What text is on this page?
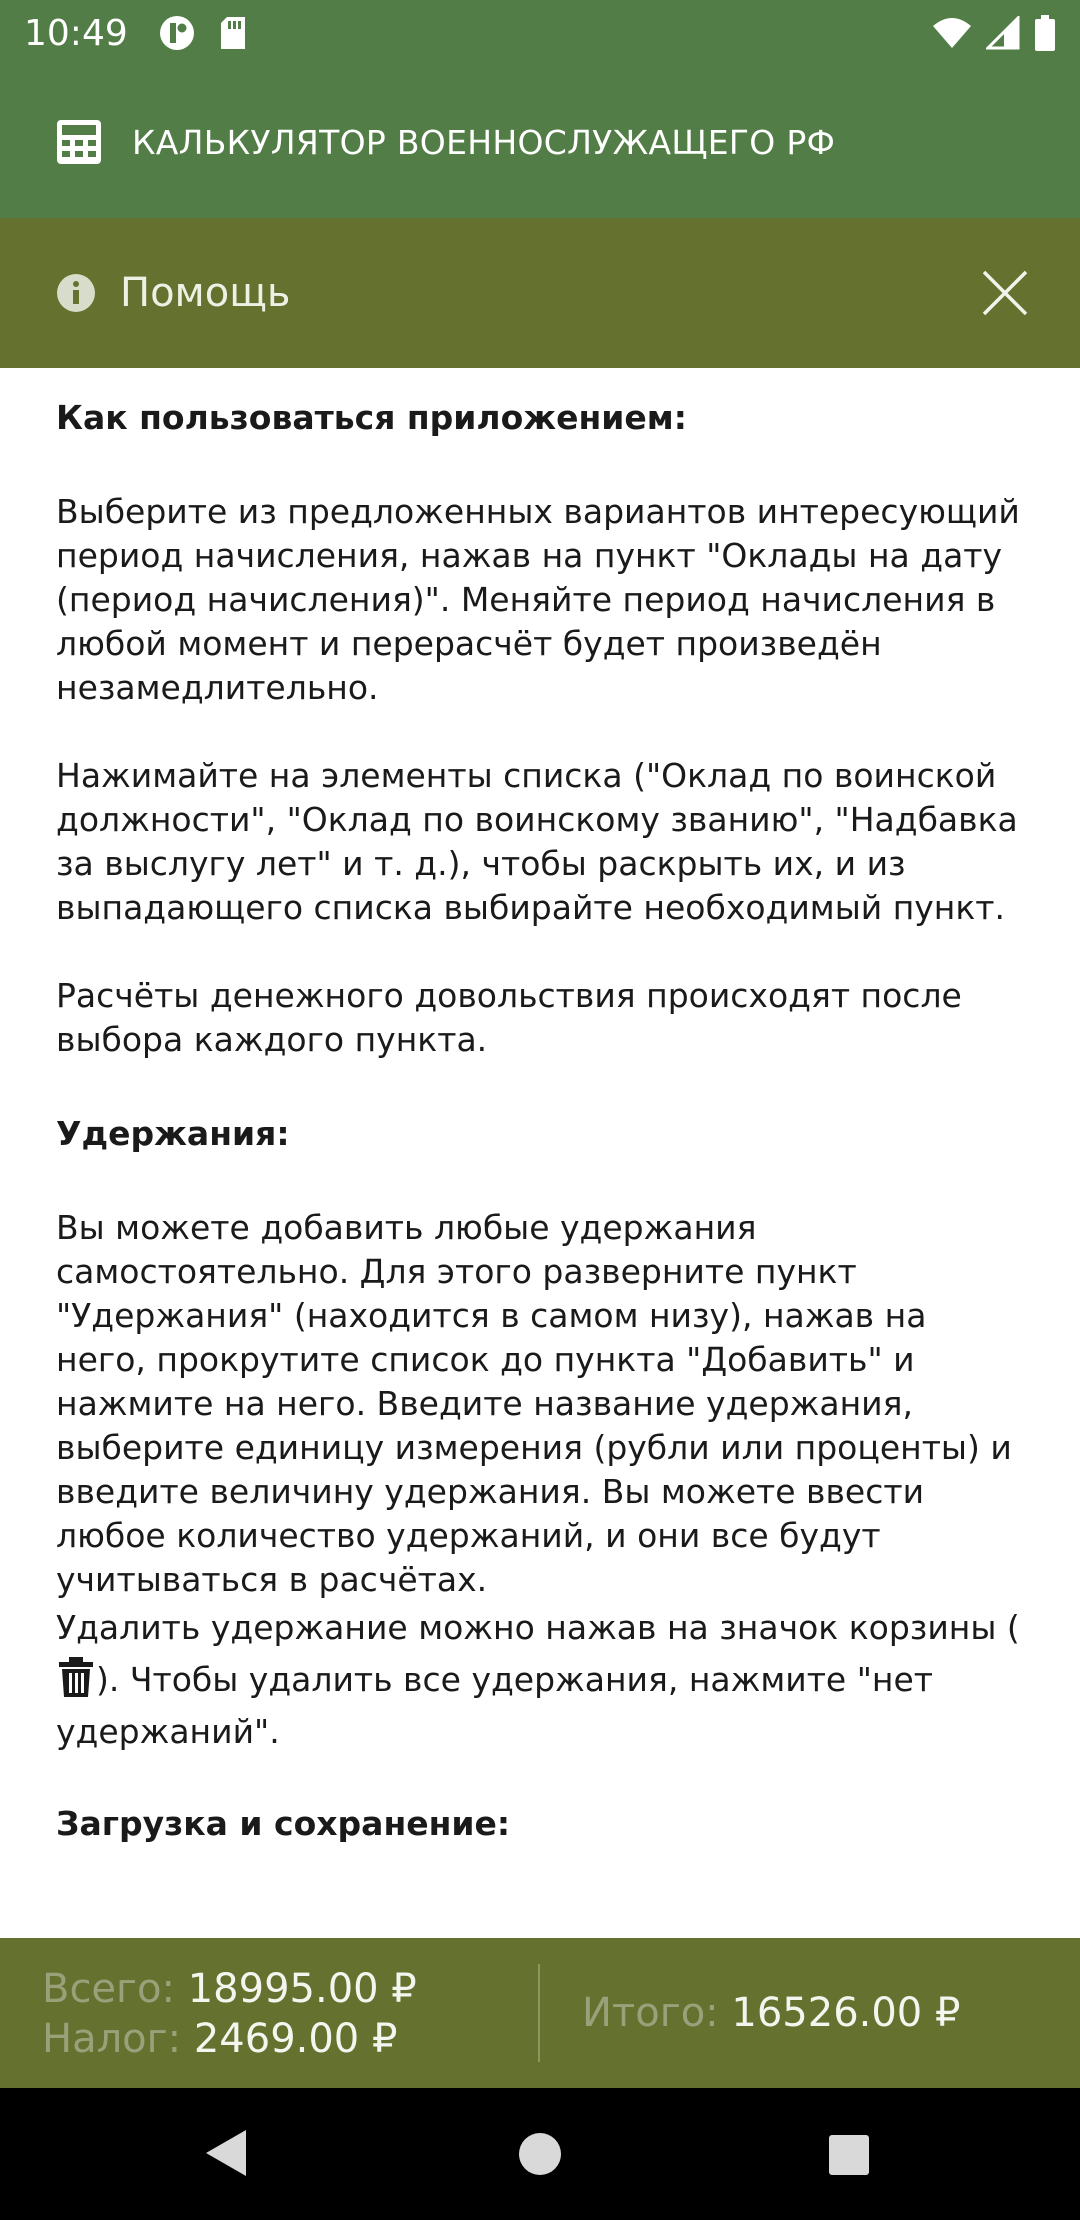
10:49
КАЛЬКУЛЯТОР ВОЕННОСЛУЖАЩЕГО РФ
Помощь
Как пользоваться приложением:

Выберите из предложенных вариантов интересующий период начисления, нажав на пункт "Оклады на дату (период начисления)". Меняйте период начисления в любой момент и перерасчёт будет произведён незамедлительно.

Нажимайте на элементы списка ("Оклад по воинской должности", "Оклад по воинскому званию", "Надбавка за выслугу лет" и т. д.), чтобы раскрыть их, и из выпадающего списка выбирайте необходимый пункт.

Расчёты денежного довольствия происходят после выбора каждого пункта.

Удержания:

Вы можете добавить любые удержания самостоятельно. Для этого разверните пункт "Удержания" (находится в самом низу), нажав на него, прокрутите список до пункта "Добавить" и нажмите на него. Введите название удержания, выберите единицу измерения (рубли или проценты) и введите величину удержания. Вы можете ввести любое количество удержаний, и они все будут учитываться в расчётах.

Удалить удержание можно нажав на значок корзины (). Чтобы удалить все удержания, нажмите "нет удержаний".

Загрузка и сохранение:
Всего: 18995.00 ₽
Налог: 2469.00 ₽
Итого: 16526.00 ₽
